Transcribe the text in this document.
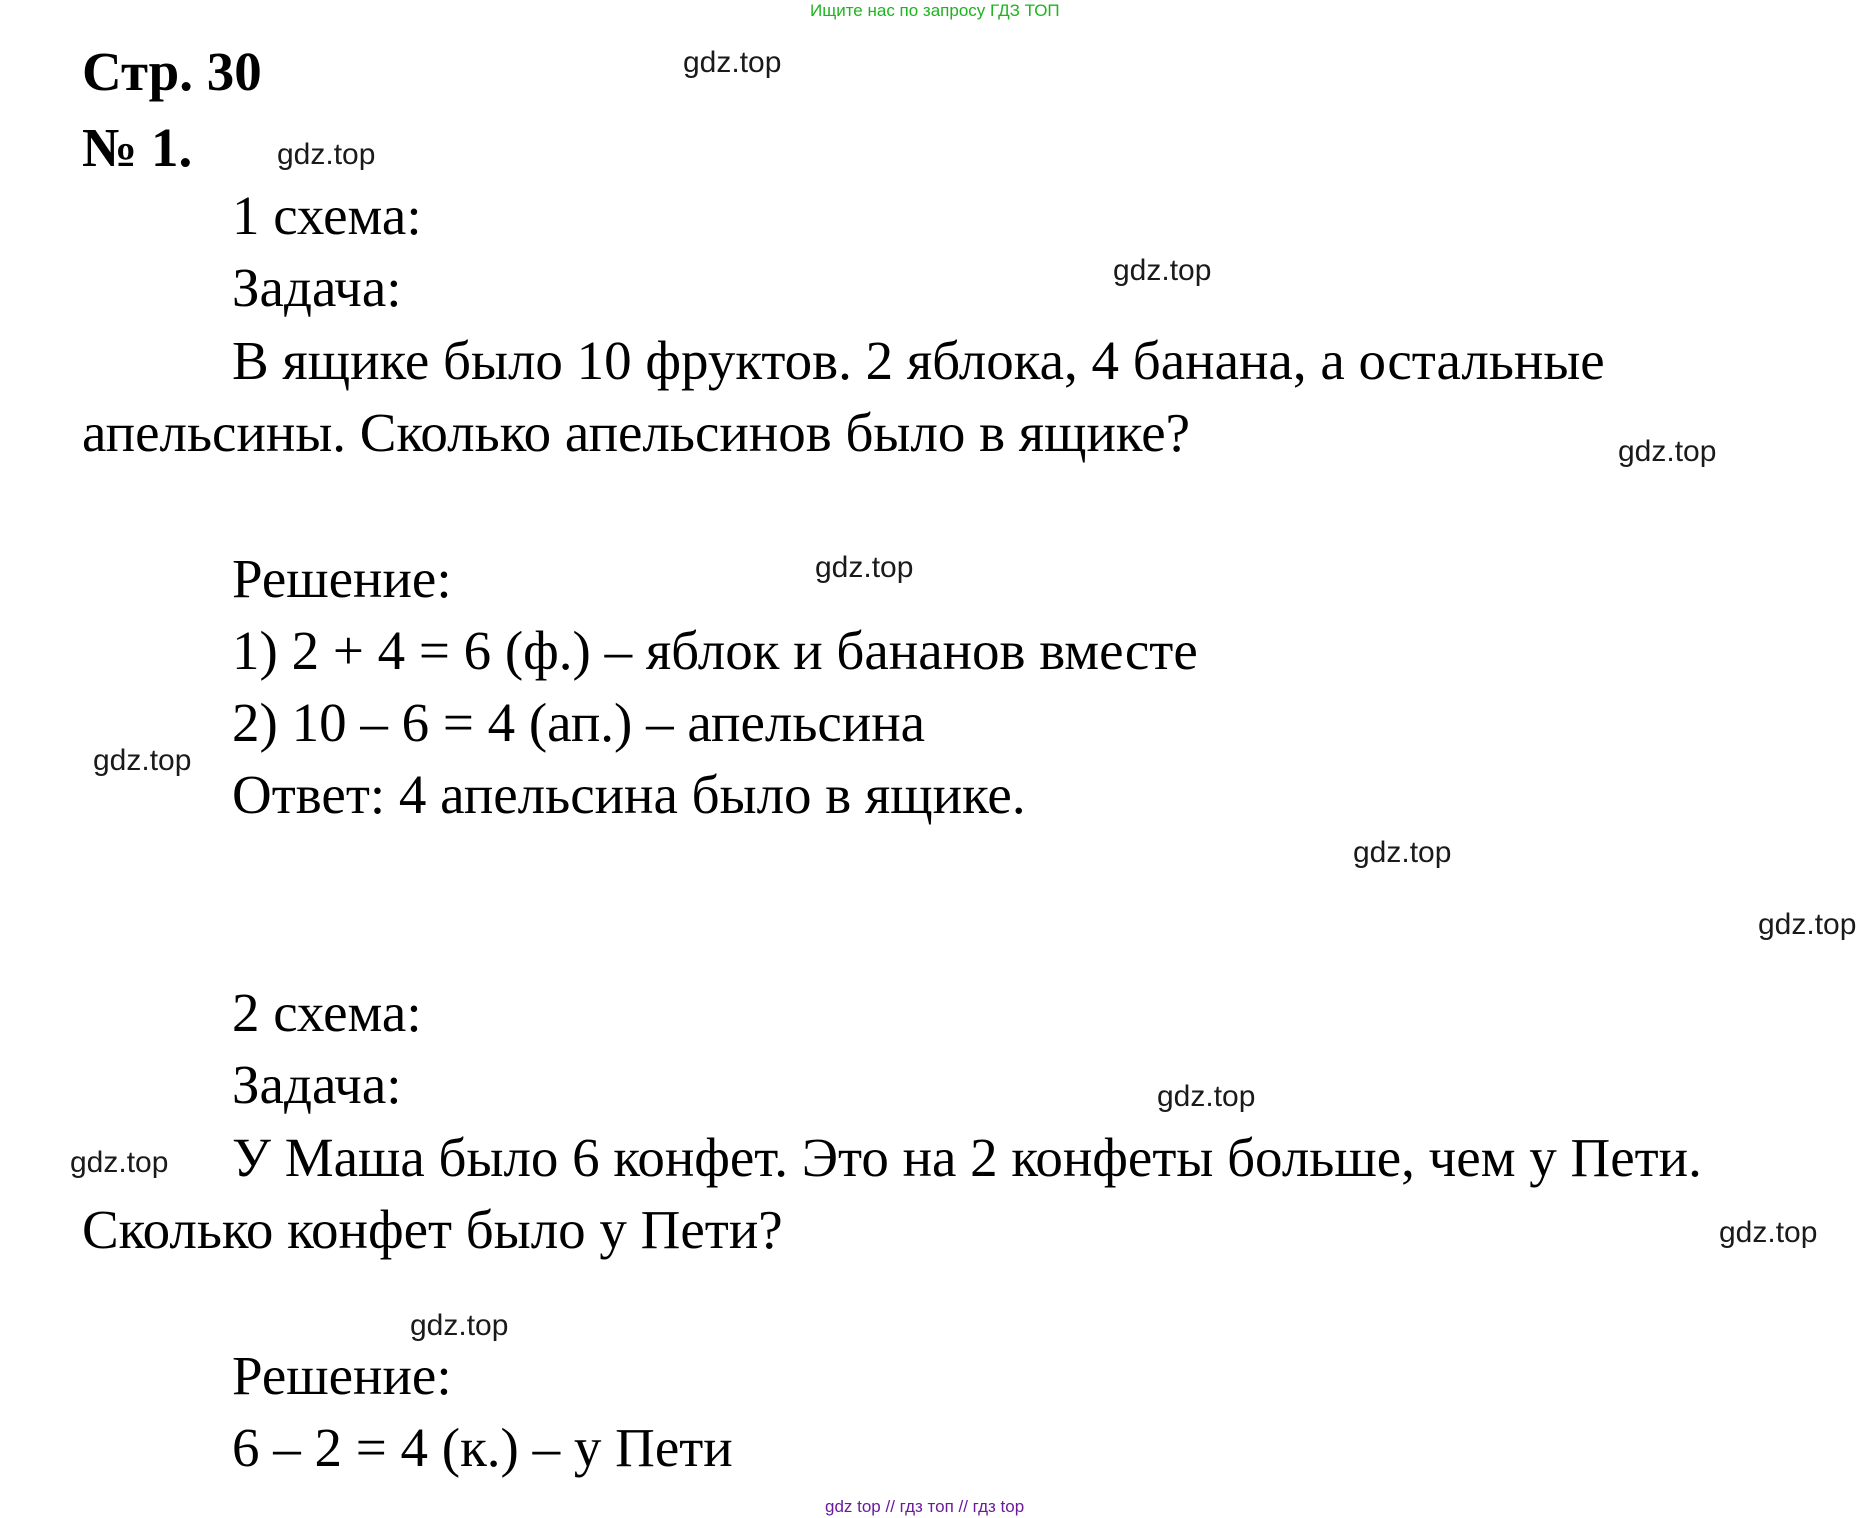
Ищите нас по запросу ГДЗ ТОП
Стр. 30
№ 1.
1 схема:
Задача:
В ящике было 10 фруктов. 2 яблока, 4 банана, а остальные
апельсины. Сколько апельсинов было в ящике?
Решение:
1) 2 + 4 = 6 (ф.) – яблок и бананов вместе
2) 10 – 6 = 4 (ап.) – апельсина
Ответ: 4 апельсина было в ящике.
2 схема:
Задача:
У Маша было 6 конфет. Это на 2 конфеты больше, чем у Пети.
Сколько конфет было у Пети?
Решение:
6 – 2 = 4 (к.) – у Пети
gdz.top
gdz.top
gdz.top
gdz.top
gdz.top
gdz.top
gdz.top
gdz.top
gdz.top
gdz.top
gdz.top
gdz.top
gdz top // гдз топ // гдз top
